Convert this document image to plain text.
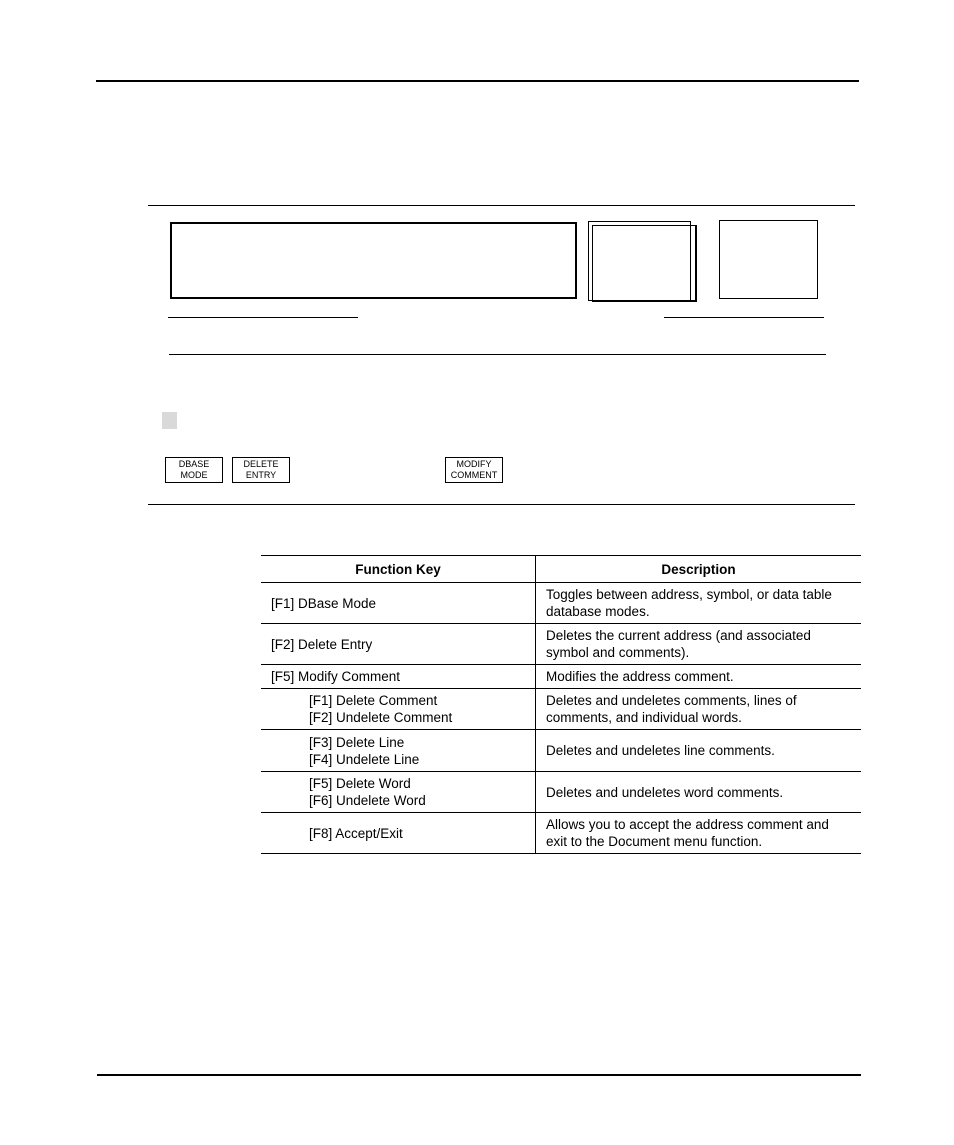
DBASE
MODE
DELETE
ENTRY
MODIFY
COMMENT
Function Key	Description

[F1] DBase Mode	Toggles between address, symbol, or data table database modes.

[F2] Delete Entry	Deletes the current address (and associated symbol and comments).

[F5] Modify Comment	Modifies the address comment.

[F1] Delete Comment
[F2] Undelete Comment	Deletes and undeletes comments, lines of comments, and individual words.

[F3] Delete Line
[F4] Undelete Line	Deletes and undeletes line comments.

[F5] Delete Word
[F6] Undelete Word	Deletes and undeletes word comments.

[F8] Accept/Exit	Allows you to accept the address comment and exit to the Document menu function.
